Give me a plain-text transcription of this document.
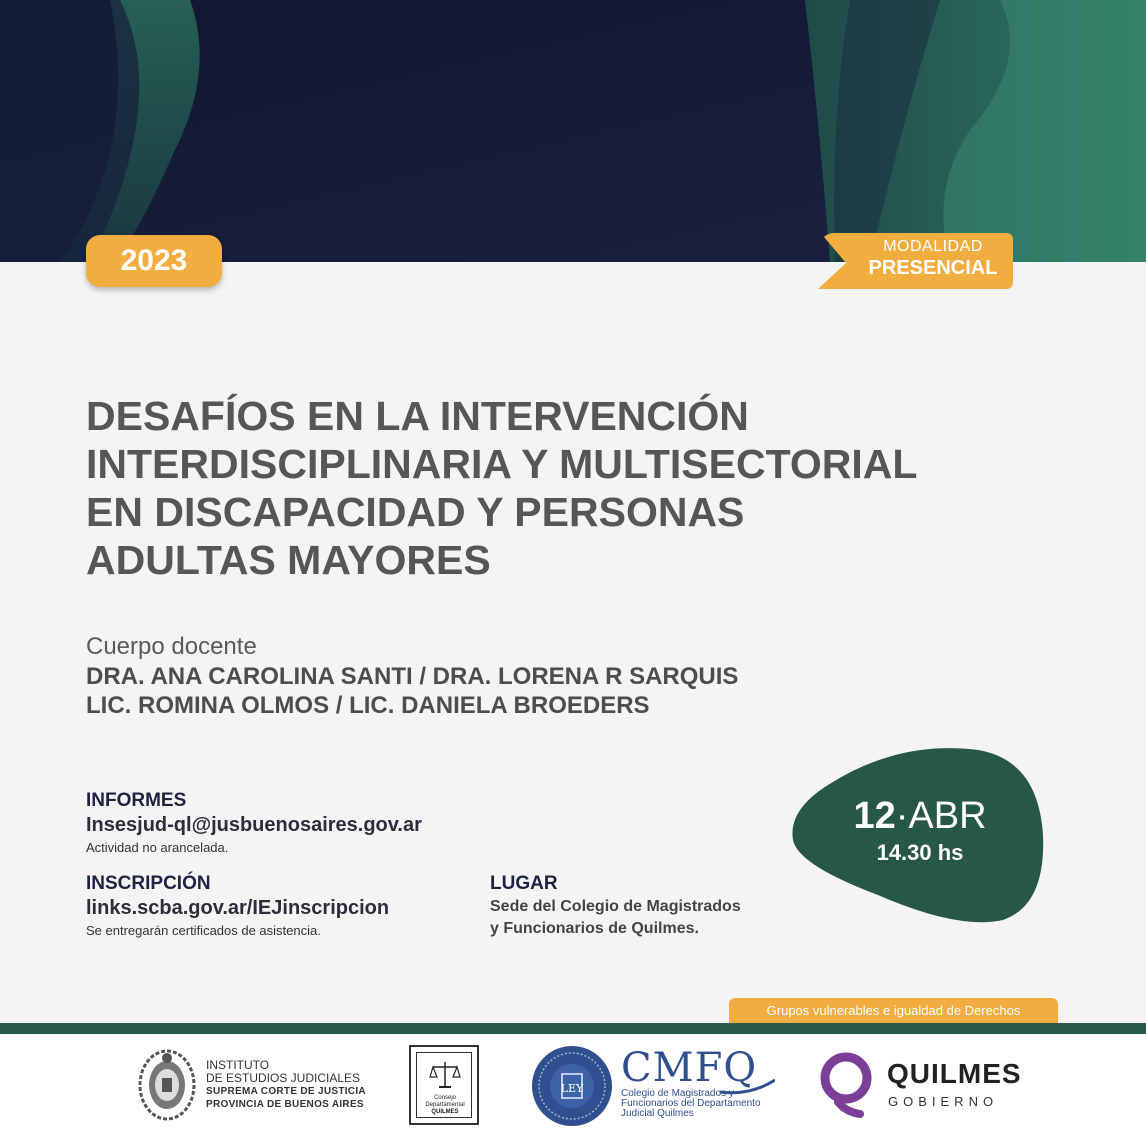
2023	MODALIDAD
PRESENCIAL
DESAFÍOS EN LA INTERVENCIÓN
INTERDISCIPLINARIA Y MULTISECTORIAL
EN DISCAPACIDAD Y PERSONAS
ADULTAS MAYORES
Cuerpo docente
DRA. ANA CAROLINA SANTI / DRA. LORENA R SARQUIS
LIC. ROMINA OLMOS / LIC. DANIELA BROEDERS
INFORMES
Insesjud-ql@jusbuenosaires.gov.ar
Actividad no arancelada.
INSCRIPCIÓN
links.scba.gov.ar/IEJinscripcion
Se entregarán certificados de asistencia.
LUGAR
Sede del Colegio de Magistrados
y Funcionarios de Quilmes.
12·ABR
14.30 hs
Grupos vulnerables e igualdad de Derechos
INSTITUTO
DE ESTUDIOS JUDICIALES
SUPREMA CORTE DE JUSTICIA
PROVINCIA DE BUENOS AIRES
Consejo
Departamental
QUILMES
LEY CMFQ
Colegio de Magistrados y
Funcionarios del Departamento
Judicial Quilmes
QUILMES
GOBIERNO
